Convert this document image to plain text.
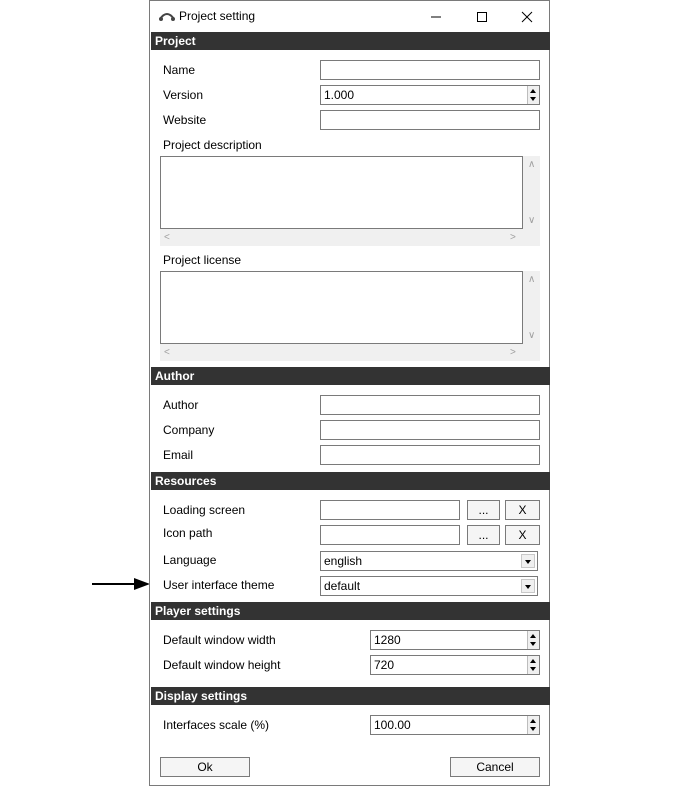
Project setting
Project
Name
Version	1.000
Website
Project description
∧
∨
<	>
Project license
∧
∨
<	>
Author
Author
Company
Email
Resources
Loading screen	...	X
Icon path	...	X
Language	english
User interface theme	default
Player settings
Default window width	1280
Default window height	720
Display settings
Interfaces scale (%)	100.00
Ok	Cancel
